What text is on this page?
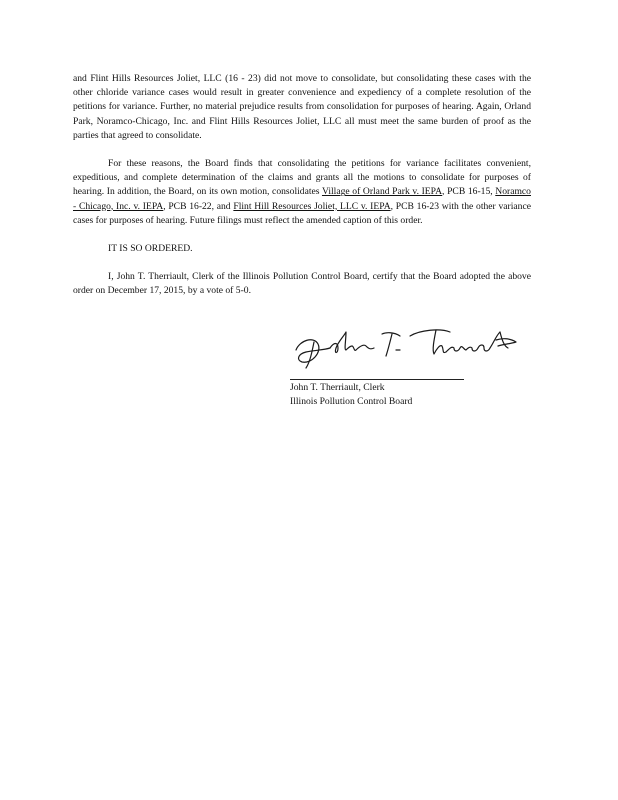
and Flint Hills Resources Joliet, LLC (16 - 23) did not move to consolidate, but consolidating these cases with the other chloride variance cases would result in greater convenience and expediency of a complete resolution of the petitions for variance. Further, no material prejudice results from consolidation for purposes of hearing. Again, Orland Park, Noramco-Chicago, Inc. and Flint Hills Resources Joliet, LLC all must meet the same burden of proof as the parties that agreed to consolidate.

For these reasons, the Board finds that consolidating the petitions for variance facilitates convenient, expeditious, and complete determination of the claims and grants all the motions to consolidate for purposes of hearing. In addition, the Board, on its own motion, consolidates Village of Orland Park v. IEPA, PCB 16-15, Noramco - Chicago, Inc. v. IEPA, PCB 16-22, and Flint Hill Resources Joliet, LLC v. IEPA, PCB 16-23 with the other variance cases for purposes of hearing. Future filings must reflect the amended caption of this order.

IT IS SO ORDERED.

I, John T. Therriault, Clerk of the Illinois Pollution Control Board, certify that the Board adopted the above order on December 17, 2015, by a vote of 5-0.

John T. Therriault, Clerk
Illinois Pollution Control Board
